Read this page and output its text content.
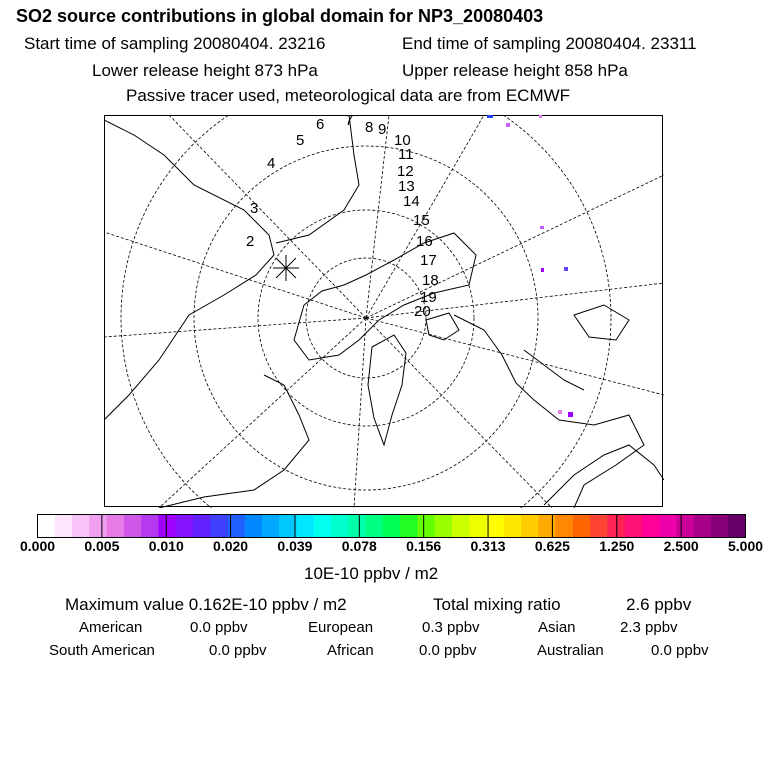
SO2 source contributions in global domain for NP3_20080403
Start time of sampling 20080404. 23216	End time of sampling 20080404. 23311
Lower release height 873 hPa	Upper release height 858 hPa
Passive tracer used, meteorological data are from ECMWF
2
3
4
5
6 7 8 9
10
11
12
13
14
15
16
17
18
19
20
0.000 0.005 0.010 0.020 0.039 0.078 0.156 0.313 0.625 1.250 2.500 5.000
10E-10 ppbv / m2
Maximum value 0.162E-10 ppbv / m2	Total mixing ratio	2.6 ppbv
American	0.0 ppbv	European	0.3 ppbv	Asian	2.3 ppbv
South American	0.0 ppbv	African	0.0 ppbv	Australian	0.0 ppbv
